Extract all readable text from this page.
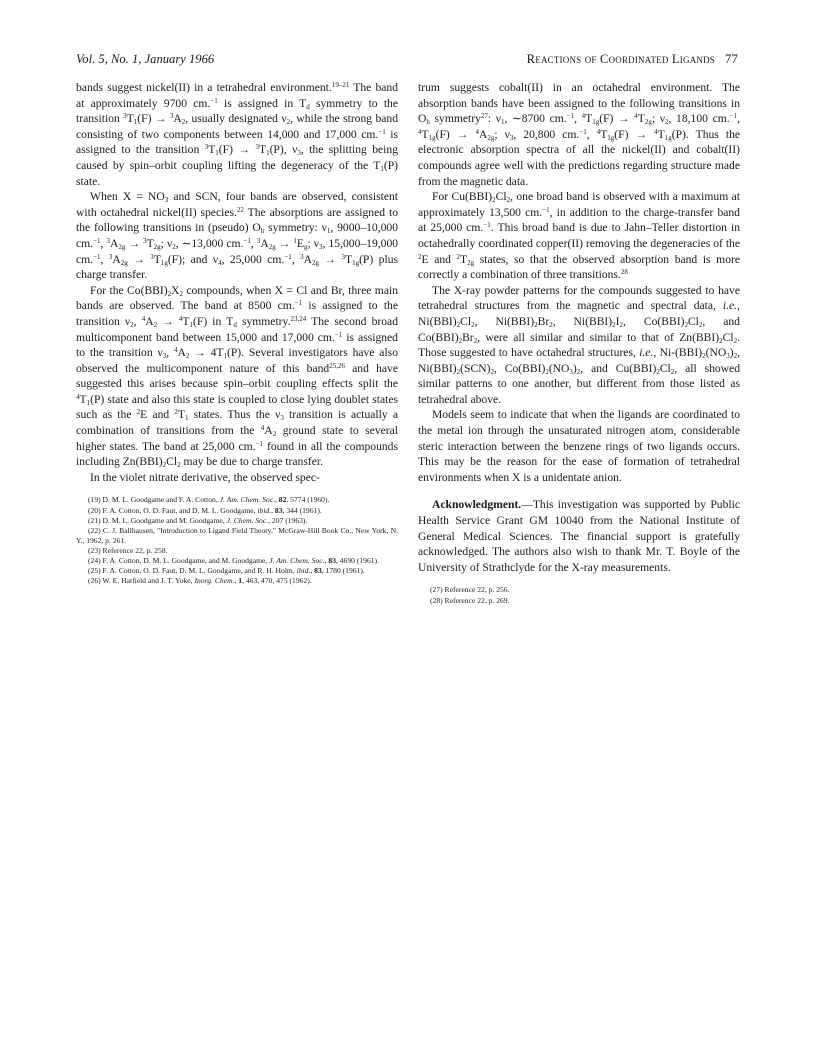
Vol. 5, No. 1, January 1966	Reactions of Coordinated Ligands 77

bands suggest nickel(II) in a tetrahedral environment.$^{19-21}$ The band at approximately 9700 cm.$^{-1}$ is assigned in $T_d$ symmetry to the transition $^3T_1(F) \to ^3A_2$, usually designated $\nu_2$, while the strong band consisting of two components between 14,000 and 17,000 cm.$^{-1}$ is assigned to the transition $^3T_1(F) \to ^3T_1(P)$, $\nu_3$, the splitting being caused by spin–orbit coupling lifting the degeneracy of the $T_1(P)$ state.

When $X = NO_3$ and SCN, four bands are observed, consistent with octahedral nickel(II) species.$^{22}$ The absorptions are assigned to the following transitions in (pseudo) $O_h$ symmetry: $\nu_1$, 9000–10,000 cm.$^{-1}$, $^3A_{2g} \to ^3T_{2g}$; $\nu_2$, ∼13,000 cm.$^{-1}$, $^3A_{2g} \to ^1E_g$; $\nu_3$, 15,000–19,000 cm.$^{-1}$, $^3A_{2g} \to ^3T_{1g}(F)$; and $\nu_4$, 25,000 cm.$^{-1}$, $^3A_{2g} \to ^3T_{1g}(P)$ plus charge transfer.

For the $Co(BBI)_2X_2$ compounds, when X = Cl and Br, three main bands are observed. The band at 8500 cm.$^{-1}$ is assigned to the transition $\nu_2$, $^4A_2 \to ^4T_1(F)$ in $T_d$ symmetry.$^{23,24}$ The second broad multicomponent band between 15,000 and 17,000 cm.$^{-1}$ is assigned to the transition $\nu_3$, $^4A_2 \to 4T_1(P)$. Several investigators have also observed the multicomponent nature of this band$^{25,26}$ and have suggested this arises because spin–orbit coupling effects split the $^4T_1(P)$ state and also this state is coupled to close lying doublet states such as the $^2$E and $^2T_1$ states. Thus the $\nu_3$ transition is actually a combination of transitions from the $^4A_2$ ground state to several higher states. The band at 25,000 cm.$^{-1}$ found in all the compounds including $Zn(BBI)_2Cl_2$ may be due to charge transfer.

In the violet nitrate derivative, the observed spec-

(19) D. M. L. Goodgame and F. A. Cotton, J. Am. Chem. Soc., 82, 5774 (1960).

(20) F. A. Cotton, O. D. Faut, and D. M. L. Goodgame, ibid., 83, 344 (1961).

(21) D. M. L. Goodgame and M. Goodgame, J. Chem. Soc., 207 (1963).

(22) C. J. Ballhausen, "Introduction to Ligand Field Theory," McGraw-Hill Book Co., New York, N. Y., 1962, p. 261.

(23) Reference 22, p. 258.

(24) F. A. Cotton, D. M. L. Goodgame, and M. Goodgame, J. Am. Chem. Soc., 83, 4690 (1961).

(25) F. A. Cotton, O. D. Faut, D. M. L. Goodgame, and R. H. Holm, ibid., 83, 1780 (1961).

(26) W. E. Hatfield and J. T. Yoke, Inorg. Chem., 1, 463, 470, 475 (1962).

trum suggests cobalt(II) in an octahedral environment. The absorption bands have been assigned to the following transitions in $O_h$ symmetry$^{27}$: $\nu_1$, ∼8700 cm.$^{-1}$, $^4T_{1g}(F) \to ^4T_{2g}$; $\nu_2$, 18,100 cm.$^{-1}$, $^4T_{1g}(F) \to ^4A_{2g}$; $\nu_3$, 20,800 cm.$^{-1}$, $^4T_{1g}(F) \to ^4T_{1g}(P)$. Thus the electronic absorption spectra of all the nickel(II) and cobalt(II) compounds agree well with the predictions regarding structure made from the magnetic data.

For $Cu(BBI)_2Cl_2$, one broad band is observed with a maximum at approximately 13,500 cm.$^{-1}$, in addition to the charge-transfer band at 25,000 cm.$^{-1}$. This broad band is due to Jahn–Teller distortion in octahedrally coordinated copper(II) removing the degeneracies of the $^2$E and $^2T_{2g}$ states, so that the observed absorption band is more correctly a combination of three transitions.$^{28}$

The X-ray powder patterns for the compounds suggested to have tetrahedral structures from the magnetic and spectral data, i.e., $Ni(BBI)_2Cl_2$, $Ni(BBI)_2Br_2$, $Ni(BBI)_2I_2$, $Co(BBI)_2Cl_2$, and $Co(BBI)_2Br_2$, were all similar and similar to that of $Zn(BBI)_2Cl_2$. Those suggested to have octahedral structures, i.e., $Ni-(BBI)_2(NO_3)_2$, $Ni(BBI)_2(SCN)_2$, $Co(BBI)_2(NO_3)_2$, and $Cu(BBI)_2Cl_2$, all showed similar patterns to one another, but different from those listed as tetrahedral above.

Models seem to indicate that when the ligands are coordinated to the metal ion through the unsaturated nitrogen atom, considerable steric interaction between the benzene rings of two ligands occurs. This may be the reason for the ease of formation of tetrahedral environments when X is a unidentate anion.

Acknowledgment.—This investigation was supported by Public Health Service Grant GM 10040 from the National Institute of General Medical Sciences. The financial support is gratefully acknowledged. The authors also wish to thank Mr. T. Boyle of the University of Strathclyde for the X-ray measurements.

(27) Reference 22, p. 256.

(28) Reference 22, p. 269.
